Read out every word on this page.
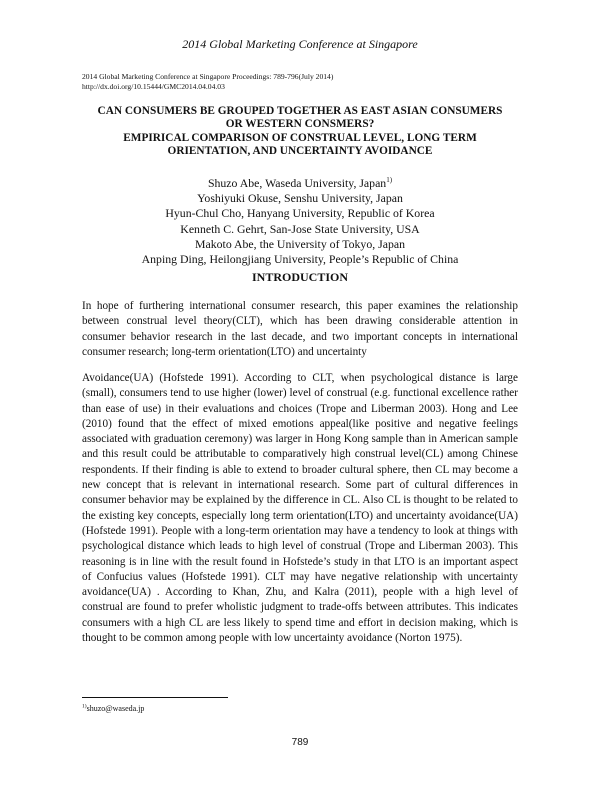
2014 Global Marketing Conference at Singapore
2014 Global Marketing Conference at Singapore Proceedings: 789-796(July 2014)
http://dx.doi.org/10.15444/GMC2014.04.04.03
CAN CONSUMERS BE GROUPED TOGETHER AS EAST ASIAN CONSUMERS
OR WESTERN CONSMERS?
EMPIRICAL COMPARISON OF CONSTRUAL LEVEL, LONG TERM
ORIENTATION, AND UNCERTAINTY AVOIDANCE
Shuzo Abe, Waseda University, Japan$^{1)}$
Yoshiyuki Okuse, Senshu University, Japan
Hyun-Chul Cho, Hanyang University, Republic of Korea
Kenneth C. Gehrt, San-Jose State University, USA
Makoto Abe, the University of Tokyo, Japan
Anping Ding, Heilongjiang University, People’s Republic of China
INTRODUCTION

In hope of furthering international consumer research, this paper examines the relationship between construal level theory(CLT), which has been drawing considerable attention in consumer behavior research in the last decade, and two important concepts in international consumer research; long-term orientation(LTO) and uncertainty

Avoidance(UA) (Hofstede 1991). According to CLT, when psychological distance is large (small), consumers tend to use higher (lower) level of construal (e.g. functional excellence rather than ease of use) in their evaluations and choices (Trope and Liberman 2003). Hong and Lee (2010) found that the effect of mixed emotions appeal(like positive and negative feelings associated with graduation ceremony) was larger in Hong Kong sample than in American sample and this result could be attributable to comparatively high construal level(CL) among Chinese respondents. If their finding is able to extend to broader cultural sphere, then CL may become a new concept that is relevant in international research. Some part of cultural differences in consumer behavior may be explained by the difference in CL. Also CL is thought to be related to the existing key concepts, especially long term orientation(LTO) and uncertainty avoidance(UA) (Hofstede 1991). People with a long-term orientation may have a tendency to look at things with psychological distance which leads to high level of construal (Trope and Liberman 2003). This reasoning is in line with the result found in Hofstede’s study in that LTO is an important aspect of Confucius values (Hofstede 1991). CLT may have negative relationship with uncertainty avoidance(UA) . According to Khan, Zhu, and Kalra (2011), people with a high level of construal are found to prefer wholistic judgment to trade-offs between attributes. This indicates consumers with a high CL are less likely to spend time and effort in decision making, which is thought to be common among people with low uncertainty avoidance (Norton 1975).

$^{1)}$shuzo@waseda.jp
789
